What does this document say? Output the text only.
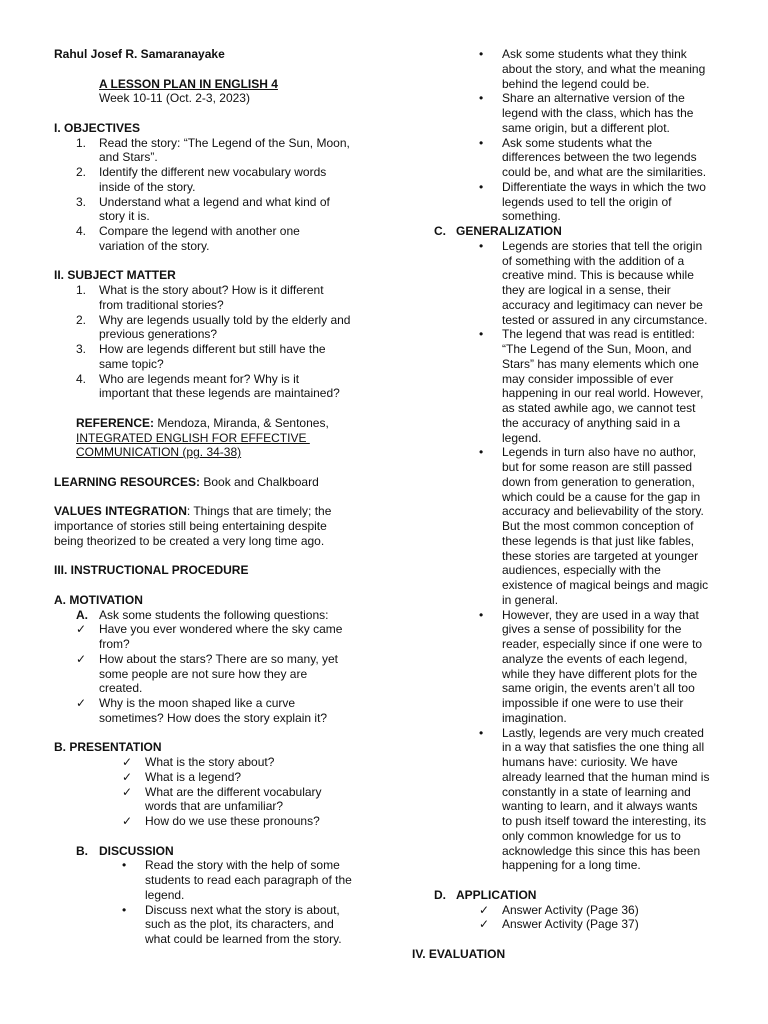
Rahul Josef R. Samaranayake

A LESSON PLAN IN ENGLISH 4

Week 10-11 (Oct. 2-3, 2023)

I. OBJECTIVES

1.	Read the story: “The Legend of the Sun, Moon,
and Stars”.
2.	Identify the different new vocabulary words
inside of the story.
3.	Understand what a legend and what kind of
story it is.
4.	Compare the legend with another one
variation of the story.

II. SUBJECT MATTER

1.	What is the story about? How is it different
from traditional stories?
2.	Why are legends usually told by the elderly and
previous generations?
3.	How are legends different but still have the
same topic?
4.	Who are legends meant for? Why is it
important that these legends are maintained?

REFERENCE: Mendoza, Miranda, & Sentones,

INTEGRATED ENGLISH FOR EFFECTIVE

COMMUNICATION (pg. 34-38)

LEARNING RESOURCES: Book and Chalkboard

VALUES INTEGRATION: Things that are timely; the

importance of stories still being entertaining despite

being theorized to be created a very long time ago.

III. INSTRUCTIONAL PROCEDURE

A. MOTIVATION

A. Ask some students the following questions:
✓	Have you ever wondered where the sky came
from?
✓	How about the stars? There are so many, yet
some people are not sure how they are
created.
✓	Why is the moon shaped like a curve
sometimes? How does the story explain it?

B. PRESENTATION

✓	What is the story about?
✓	What is a legend?
✓	What are the different vocabulary
words that are unfamiliar?
✓	How do we use these pronouns?
B. DISCUSSION
•	Read the story with the help of some
students to read each paragraph of the
legend.
•	Discuss next what the story is about,
such as the plot, its characters, and
what could be learned from the story.
•	Ask some students what they think
about the story, and what the meaning
behind the legend could be.
•	Share an alternative version of the
legend with the class, which has the
same origin, but a different plot.
•	Ask some students what the
differences between the two legends
could be, and what are the similarities.
•	Differentiate the ways in which the two
legends used to tell the origin of
something.
C. GENERALIZATION
•	Legends are stories that tell the origin
of something with the addition of a
creative mind. This is because while
they are logical in a sense, their
accuracy and legitimacy can never be
tested or assured in any circumstance.
•	The legend that was read is entitled:
“The Legend of the Sun, Moon, and
Stars” has many elements which one
may consider impossible of ever
happening in our real world. However,
as stated awhile ago, we cannot test
the accuracy of anything said in a
legend.
•	Legends in turn also have no author,
but for some reason are still passed
down from generation to generation,
which could be a cause for the gap in
accuracy and believability of the story.
But the most common conception of
these legends is that just like fables,
these stories are targeted at younger
audiences, especially with the
existence of magical beings and magic
in general.
•	However, they are used in a way that
gives a sense of possibility for the
reader, especially since if one were to
analyze the events of each legend,
while they have different plots for the
same origin, the events aren’t all too
impossible if one were to use their
imagination.
•	Lastly, legends are very much created
in a way that satisfies the one thing all
humans have: curiosity. We have
already learned that the human mind is
constantly in a state of learning and
wanting to learn, and it always wants
to push itself toward the interesting, its
only common knowledge for us to
acknowledge this since this has been
happening for a long time.
D. APPLICATION
✓	Answer Activity (Page 36)
✓	Answer Activity (Page 37)

IV. EVALUATION
